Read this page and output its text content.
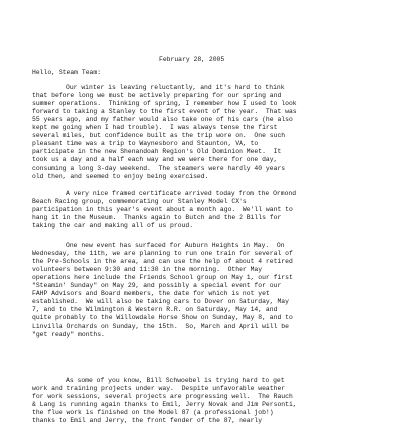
February 28, 2005
Hello, Steam Team:
Our winter is leaving reluctantly, and it's hard to think
that before long we must be actively preparing for our spring and
summer operations.  Thinking of spring, I remember how I used to look
forward to taking a Stanley to the first event of the year.  That was
55 years ago, and my father would also take one of his cars (he also
kept me going when I had trouble).  I was always tense the first
several miles, but confidence built as the trip wore on.  One such
pleasant time was a trip to Waynesboro and Staunton, VA, to
participate in the new Shenandoah Region's Old Dominion Meet.  It
took us a day and a half each way and we were there for one day,
consuming a long 3-day weekend.  The steamers were hardly 40 years
old then, and seemed to enjoy being exercised.
A very nice framed certificate arrived today from the Ormond
Beach Racing group, commemorating our Stanley Model CX's
participation in this year's event about a month ago.  We'll want to
hang it in the Museum.  Thanks again to Butch and the 2 Bills for
taking the car and making all of us proud.
One new event has surfaced for Auburn Heights in May.  On
Wednesday, the 11th, we are planning to run one train for several of
the Pre-Schools in the area, and can use the help of about 4 retired
volunteers between 9:30 and 11:30 in the morning.  Other May
operations here include the Friends School group on May 1, our first
"Steamin' Sunday" on May 29, and possibly a special event for our
FAHP Advisors and Board members, the date for which is not yet
established.  We will also be taking cars to Dover on Saturday, May
7, and to the Wilmington & Western R.R. on Saturday, May 14, and
quite probably to the Willowdale Horse Show on Sunday, May 8, and to
Linvilla Orchards on Sunday, the 15th.  So, March and April will be
"get ready" months.
As some of you know, Bill Schwoebel is trying hard to get
work and training projects under way.  Despite unfavorable weather
for work sessions, several projects are progressing well.  The Rauch
& Lang is running again thanks to Emil, Jerry Novak and Jim Personti,
the flue work is finished on the Model 87 (a professional job!)
thanks to Emil and Jerry, the front fender of the 87, nearly
